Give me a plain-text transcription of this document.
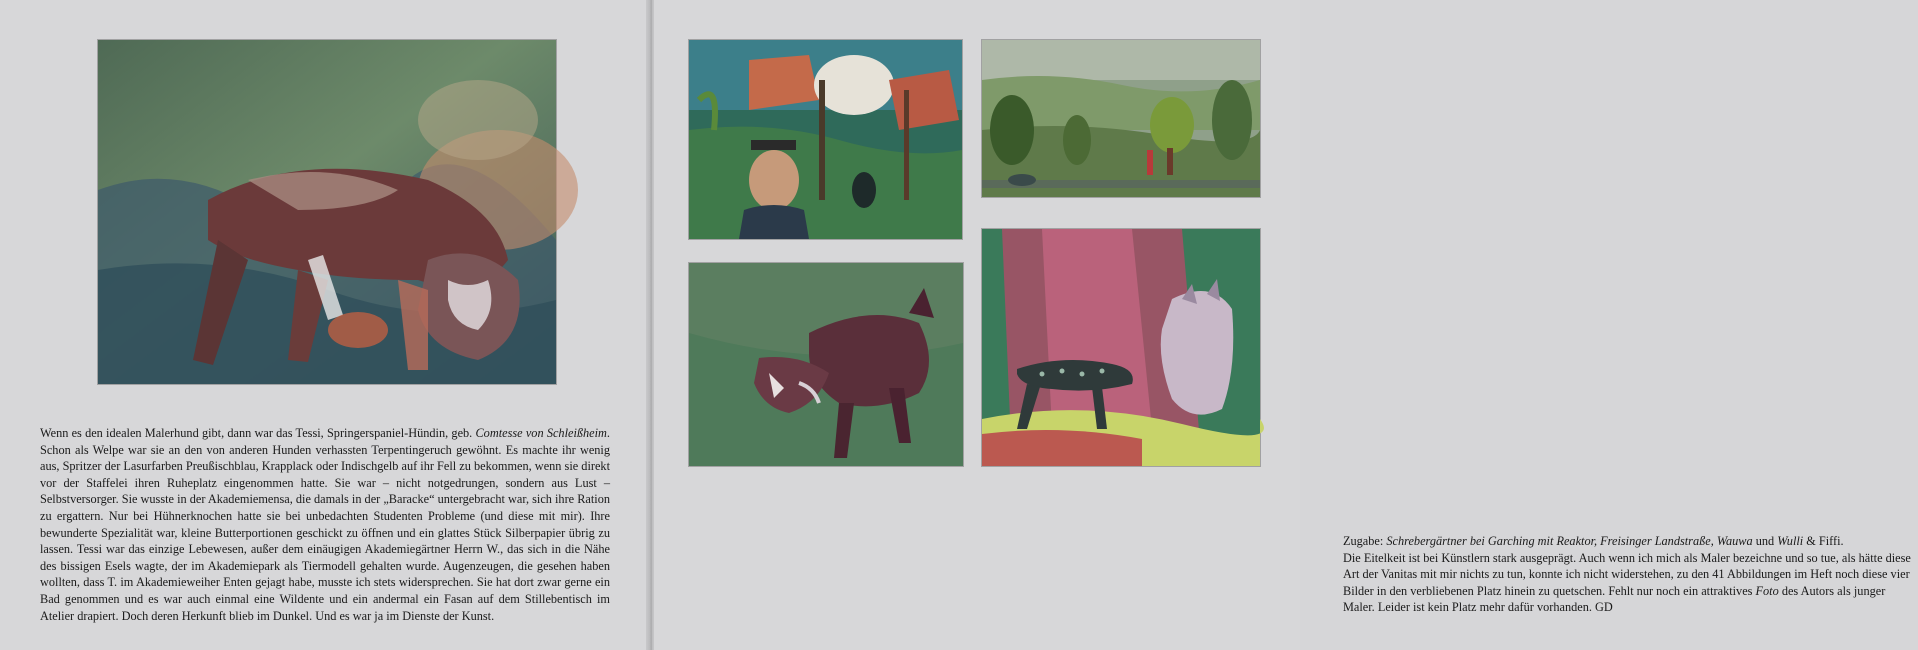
Wenn es den idealen Malerhund gibt, dann war das Tessi, Springerspaniel-Hündin, geb. Comtesse von Schleißheim. Schon als Welpe war sie an den von anderen Hunden verhassten Terpentingeruch gewöhnt. Es machte ihr wenig aus, Spritzer der Lasurfarben Preußischblau, Krapplack oder Indischgelb auf ihr Fell zu bekommen, wenn sie direkt vor der Staffelei ihren Ruheplatz eingenommen hatte. Sie war – nicht notgedrungen, sondern aus Lust – Selbstversorger. Sie wusste in der Akademiemensa, die damals in der „Baracke“ untergebracht war, sich ihre Ration zu ergattern. Nur bei Hühnerknochen hatte sie bei unbedachten Studenten Probleme (und diese mit mir). Ihre bewunderte Spezialität war, kleine Butterportionen geschickt zu öffnen und ein glattes Stück Silberpapier übrig zu lassen. Tessi war das einzige Lebewesen, außer dem einäugigen Akademiegärtner Herrn W., das sich in die Nähe des bissigen Esels wagte, der im Akademiepark als Tiermodell gehalten wurde. Augenzeugen, die gesehen haben wollten, dass T. im Akademieweiher Enten gejagt habe, musste ich stets widersprechen. Sie hat dort zwar gerne ein Bad genommen und es war auch einmal eine Wildente und ein andermal ein Fasan auf dem Stillebentisch im Atelier drapiert. Doch deren Herkunft blieb im Dunkel. Und es war ja im Dienste der Kunst.

Zugabe: Schrebergärtner bei Garching mit Reaktor, Freisinger Landstraße, Wauwa und Wulli & Fiffi.
Die Eitelkeit ist bei Künstlern stark ausgeprägt. Auch wenn ich mich als Maler bezeichne und so tue, als hätte diese Art der Vanitas mit mir nichts zu tun, konnte ich nicht widerstehen, zu den 41 Abbildungen im Heft noch diese vier Bilder in den verbliebenen Platz hinein zu quetschen. Fehlt nur noch ein attraktives Foto des Autors als junger Maler. Leider ist kein Platz mehr dafür vorhanden. GD
